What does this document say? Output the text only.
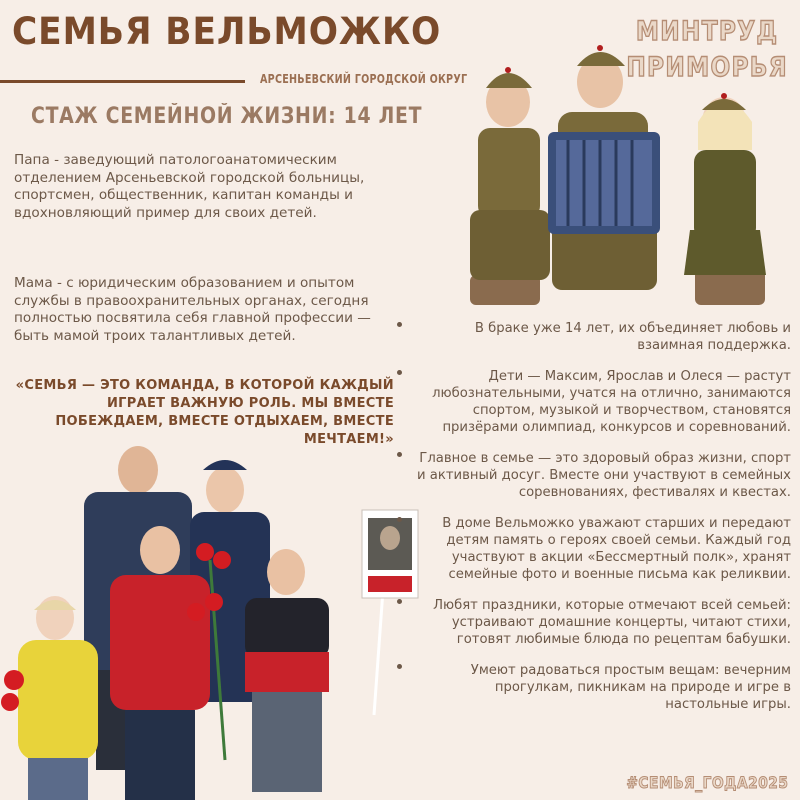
СЕМЬЯ ВЕЛЬМОЖКО
АРСЕНЬЕВСКИЙ ГОРОДСКОЙ ОКРУГ
МИНТРУД
ПРИМОРЬЯ
СТАЖ СЕМЕЙНОЙ ЖИЗНИ: 14 ЛЕТ
Папа - заведующий патологоанатомическим отделением Арсеньевской городской больницы, спортсмен, общественник, капитан команды и вдохновляющий пример для своих детей.
Мама - с юридическим образованием и опытом службы в правоохранительных органах, сегодня полностью посвятила себя главной профессии — быть мамой троих талантливых детей.
«СЕМЬЯ — ЭТО КОМАНДА, В КОТОРОЙ КАЖДЫЙ ИГРАЕТ ВАЖНУЮ РОЛЬ. МЫ ВМЕСТЕ ПОБЕЖДАЕМ, ВМЕСТЕ ОТДЫХАЕМ, ВМЕСТЕ МЕЧТАЕМ!»
В браке уже 14 лет, их объединяет любовь и взаимная поддержка.
Дети — Максим, Ярослав и Олеся — растут любознательными, учатся на отлично, занимаются спортом, музыкой и творчеством, становятся призёрами олимпиад, конкурсов и соревнований.
Главное в семье — это здоровый образ жизни, спорт и активный досуг. Вместе они участвуют в семейных соревнованиях, фестивалях и квестах.
В доме Вельможко уважают старших и передают детям память о героях своей семьи. Каждый год участвуют в акции «Бессмертный полк», хранят семейные фото и военные письма как реликвии.
Любят праздники, которые отмечают всей семьей: устраивают домашние концерты, читают стихи, готовят любимые блюда по рецептам бабушки.
Умеют радоваться простым вещам: вечерним прогулкам, пикникам на природе и игре в настольные игры.
#СЕМЬЯ_ГОДА2025
